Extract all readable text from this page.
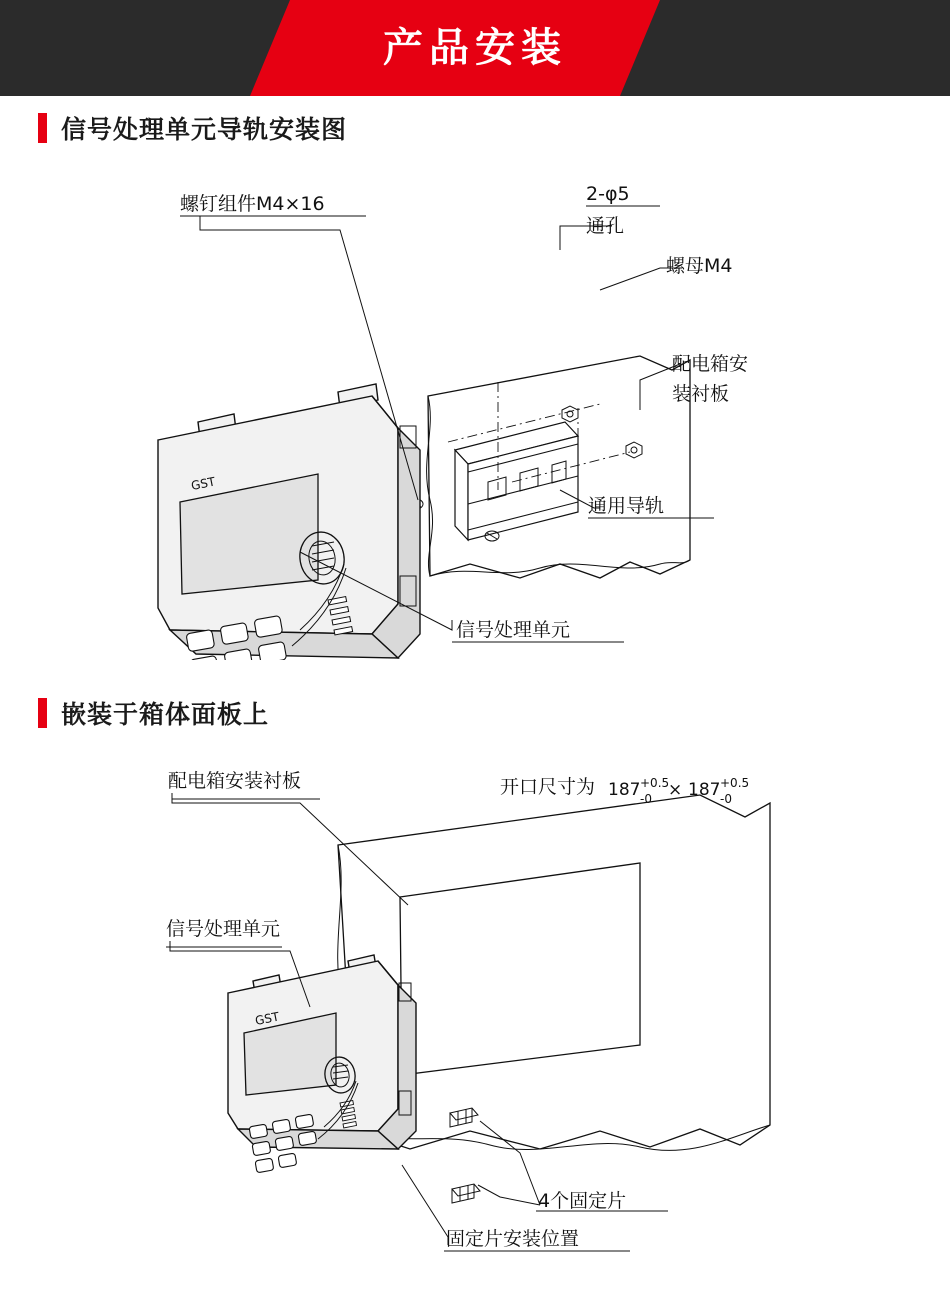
产品安装
信号处理单元导轨安装图
GST
螺钉组件M4×16	2-φ5
通孔
螺母M4
配电箱安
装衬板
通用导轨
信号处理单元
嵌装于箱体面板上
GST
配电箱安装衬板
信号处理单元
开口尺寸为 187 +0.5
-0 × 187 +0.5
-0
4个固定片
固定片安装位置
